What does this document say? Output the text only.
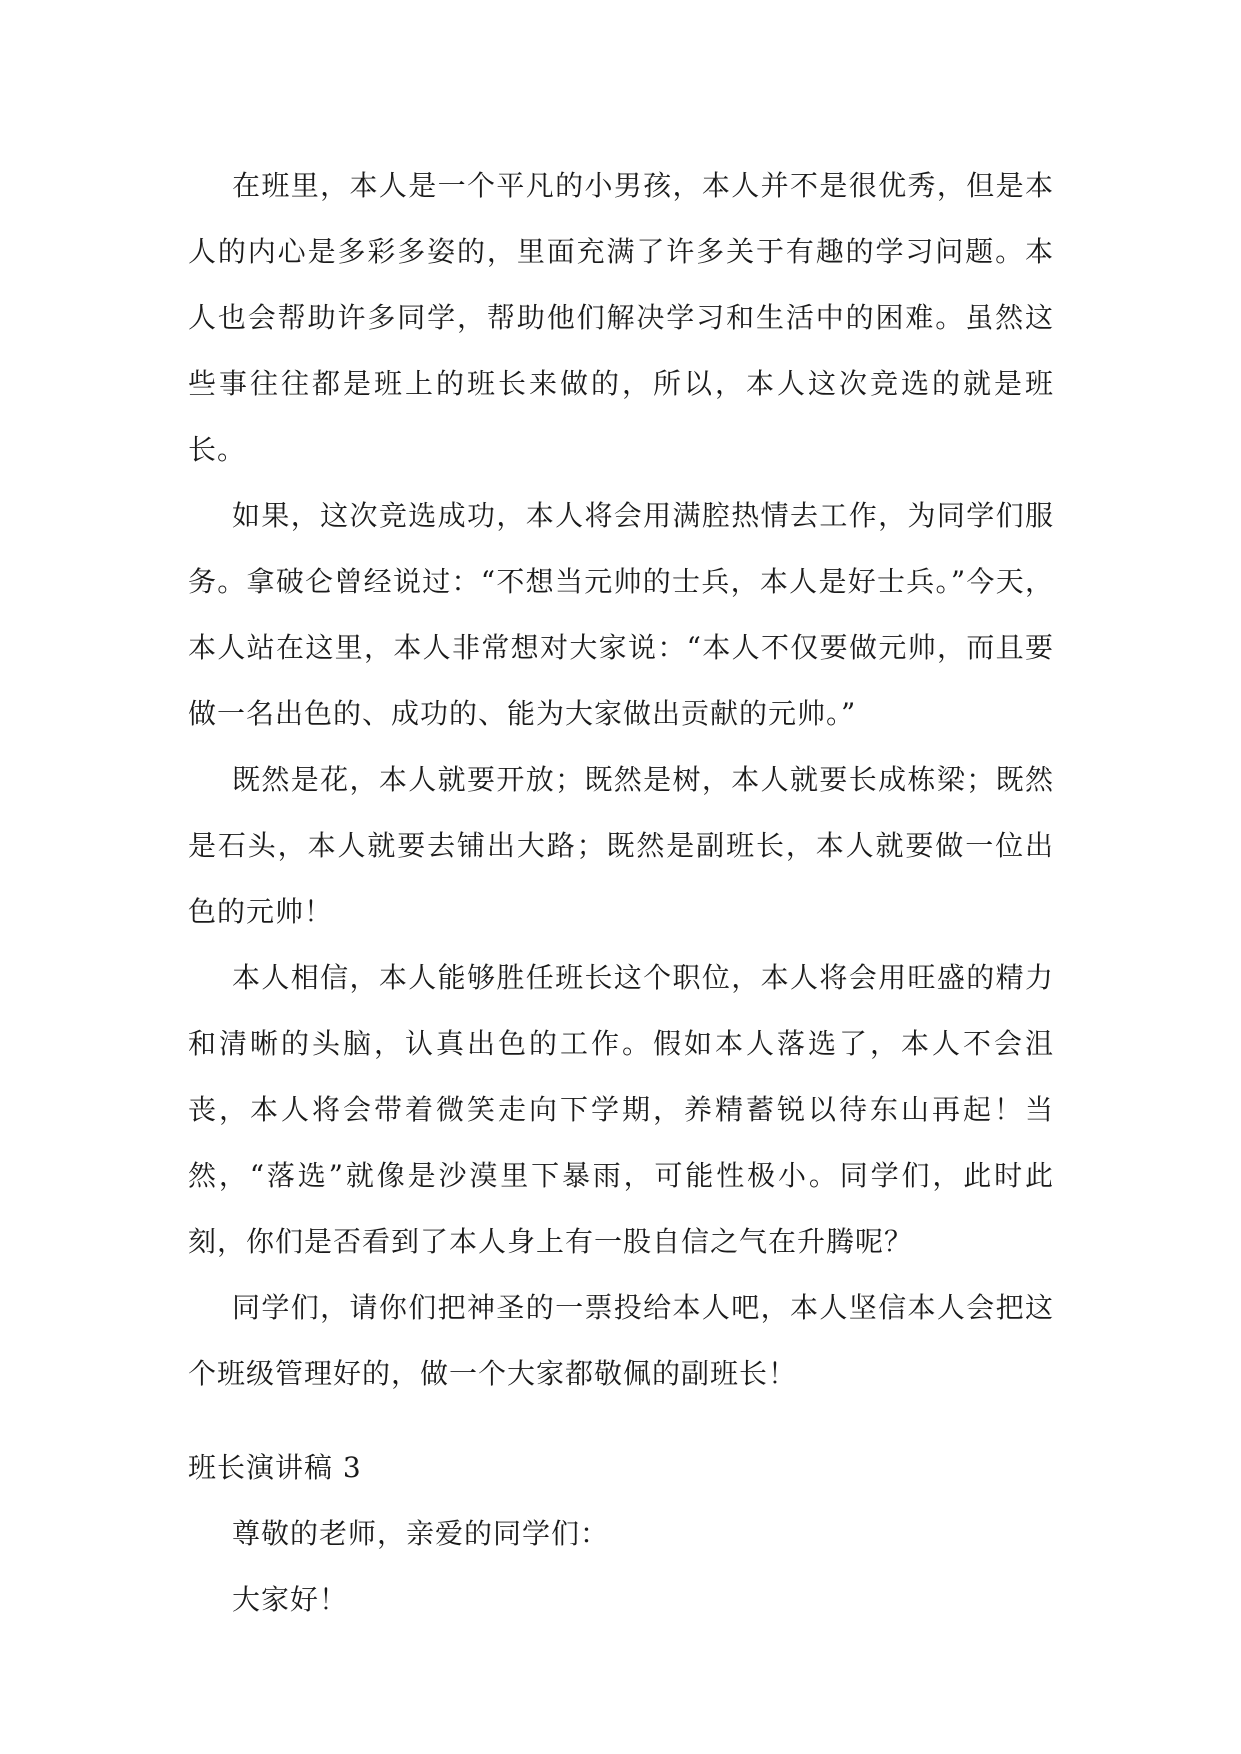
在班里，本人是一个平凡的小男孩，本人并不是很优秀，但是本人的内心是多彩多姿的，里面充满了许多关于有趣的学习问题。本人也会帮助许多同学，帮助他们解决学习和生活中的困难。虽然这些事往往都是班上的班长来做的，所以，本人这次竞选的就是班长。

如果，这次竞选成功，本人将会用满腔热情去工作，为同学们服务。拿破仑曾经说过：“不想当元帅的士兵，本人是好士兵。”今天，本人站在这里，本人非常想对大家说：“本人不仅要做元帅，而且要做一名出色的、成功的、能为大家做出贡献的元帅。”

既然是花，本人就要开放；既然是树，本人就要长成栋梁；既然是石头，本人就要去铺出大路；既然是副班长，本人就要做一位出色的元帅！

本人相信，本人能够胜任班长这个职位，本人将会用旺盛的精力和清晰的头脑，认真出色的工作。假如本人落选了，本人不会沮丧，本人将会带着微笑走向下学期，养精蓄锐以待东山再起！当然，“落选”就像是沙漠里下暴雨，可能性极小。同学们，此时此刻，你们是否看到了本人身上有一股自信之气在升腾呢？

同学们，请你们把神圣的一票投给本人吧，本人坚信本人会把这个班级管理好的，做一个大家都敬佩的副班长！

班长演讲稿 3

尊敬的老师，亲爱的同学们：

大家好！
